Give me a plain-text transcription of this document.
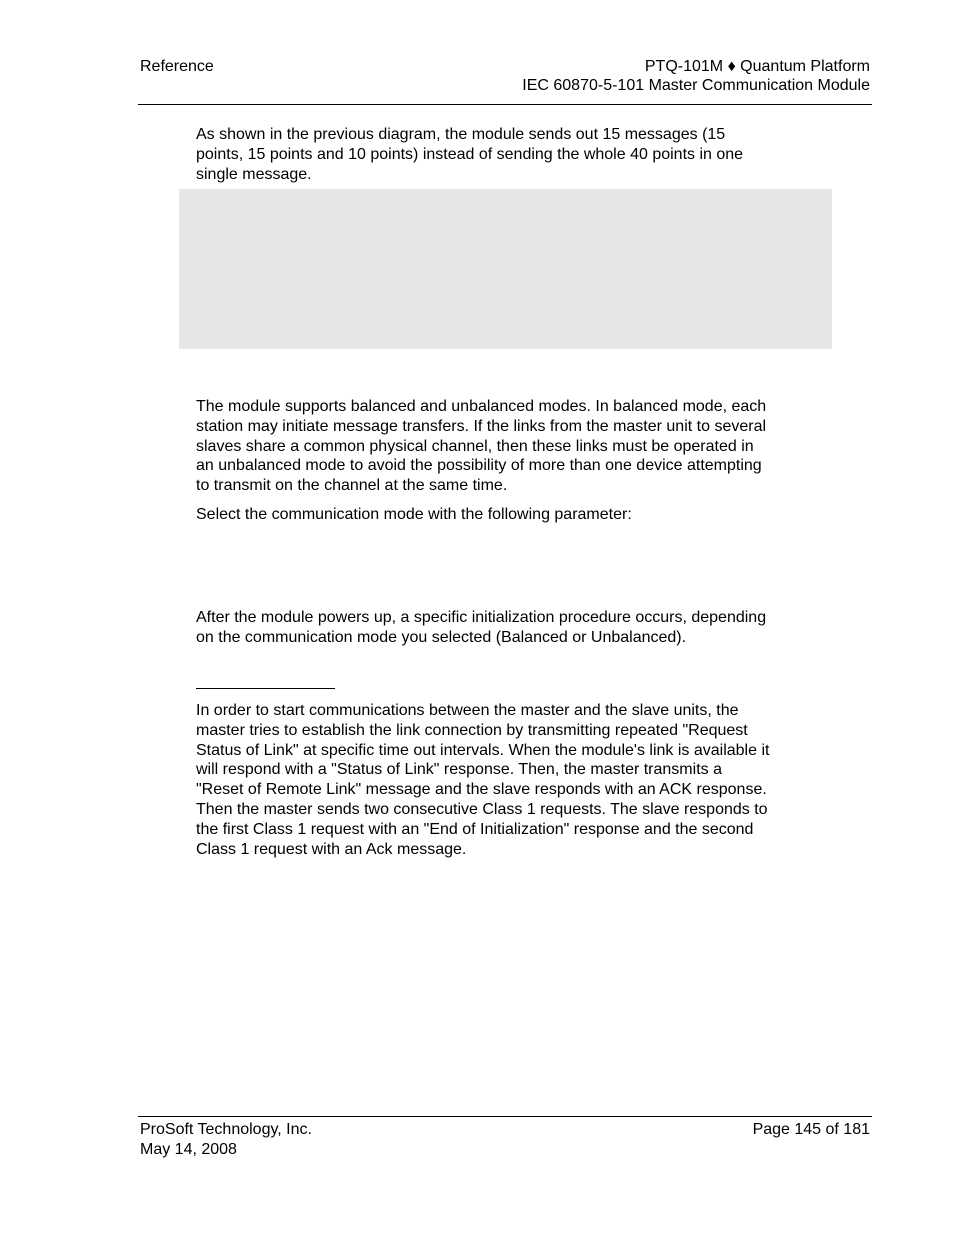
Reference	PTQ-101M ♦ Quantum Platform
IEC 60870-5-101 Master Communication Module
As shown in the previous diagram, the module sends out 15 messages (15
points, 15 points and 10 points) instead of sending the whole 40 points in one
single message.
The module supports balanced and unbalanced modes. In balanced mode, each
station may initiate message transfers. If the links from the master unit to several
slaves share a common physical channel, then these links must be operated in
an unbalanced mode to avoid the possibility of more than one device attempting
to transmit on the channel at the same time.
Select the communication mode with the following parameter:
After the module powers up, a specific initialization procedure occurs, depending
on the communication mode you selected (Balanced or Unbalanced).
In order to start communications between the master and the slave units, the
master tries to establish the link connection by transmitting repeated "Request
Status of Link" at specific time out intervals. When the module's link is available it
will respond with a "Status of Link" response. Then, the master transmits a
"Reset of Remote Link" message and the slave responds with an ACK response.
Then the master sends two consecutive Class 1 requests. The slave responds to
the first Class 1 request with an "End of Initialization" response and the second
Class 1 request with an Ack message.
ProSoft Technology, Inc.
May 14, 2008
Page 145 of 181
